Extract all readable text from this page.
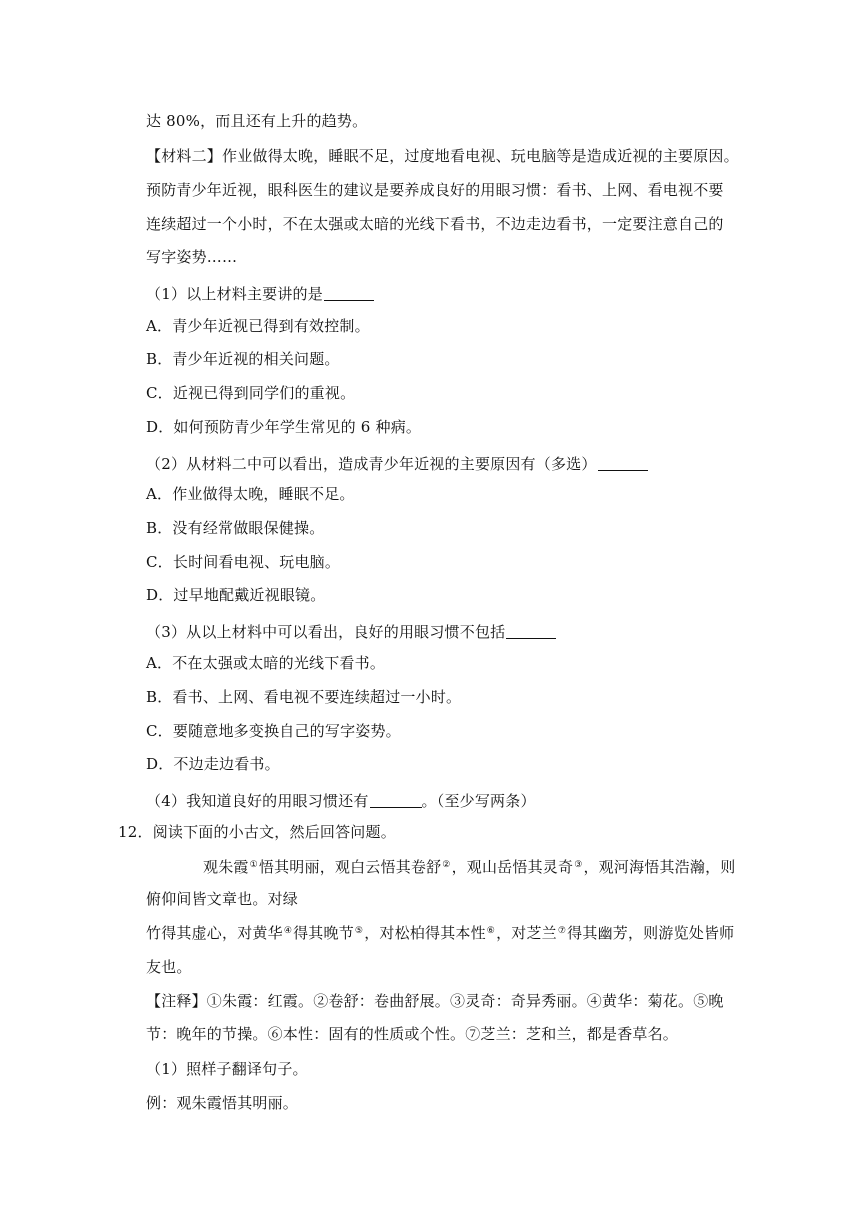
达 80%，而且还有上升的趋势。
【材料二】作业做得太晚，睡眠不足，过度地看电视、玩电脑等是造成近视的主要原因。
预防青少年近视，眼科医生的建议是要养成良好的用眼习惯：看书、上网、看电视不要
连续超过一个小时，不在太强或太暗的光线下看书，不边走边看书，一定要注意自己的
写字姿势……
（1）以上材料主要讲的是
A．青少年近视已得到有效控制。
B．青少年近视的相关问题。
C．近视已得到同学们的重视。
D．如何预防青少年学生常见的 6 种病。
（2）从材料二中可以看出，造成青少年近视的主要原因有（多选）
A．作业做得太晚，睡眠不足。
B．没有经常做眼保健操。
C．长时间看电视、玩电脑。
D．过早地配戴近视眼镜。
（3）从以上材料中可以看出，良好的用眼习惯不包括
A．不在太强或太暗的光线下看书。
B．看书、上网、看电视不要连续超过一小时。
C．要随意地多变换自己的写字姿势。
D．不边走边看书。
（4）我知道良好的用眼习惯还有	。（至少写两条）
12．阅读下面的小古文，然后回答问题。
观朱霞①悟其明丽，观白云悟其卷舒②，观山岳悟其灵奇③，观河海悟其浩瀚，则
俯仰间皆文章也。对绿
竹得其虚心，对黄华④得其晚节⑤，对松柏得其本性⑥，对芝兰⑦得其幽芳，则游览处皆师
友也。
【注释】①朱霞：红霞。②卷舒：卷曲舒展。③灵奇：奇异秀丽。④黄华：菊花。⑤晚
节：晚年的节操。⑥本性：固有的性质或个性。⑦芝兰：芝和兰，都是香草名。
（1）照样子翻译句子。
例：观朱霞悟其明丽。
